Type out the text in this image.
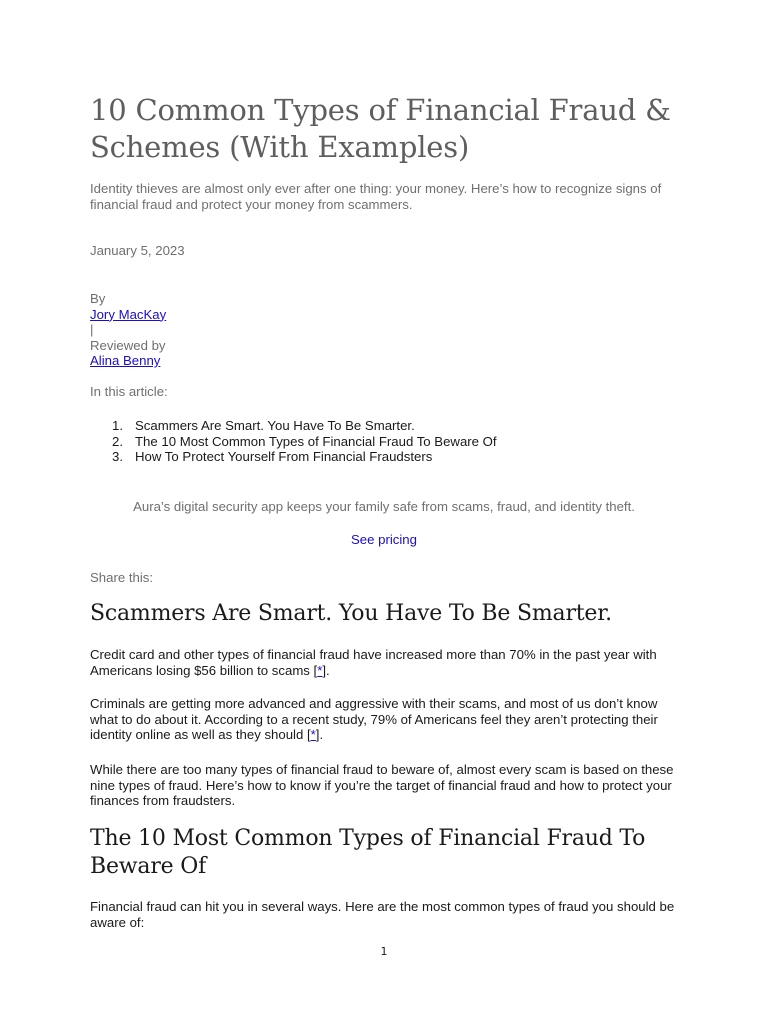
10 Common Types of Financial Fraud & Schemes (With Examples)

Identity thieves are almost only ever after one thing: your money. Here’s how to recognize signs of financial fraud and protect your money from scammers.

January 5, 2023

By
Jory MacKay
|
Reviewed by
Alina Benny

In this article:

1. Scammers Are Smart. You Have To Be Smarter.
2. The 10 Most Common Types of Financial Fraud To Beware Of
3. How To Protect Yourself From Financial Fraudsters

Aura’s digital security app keeps your family safe from scams, fraud, and identity theft.

See pricing

Share this:

Scammers Are Smart. You Have To Be Smarter.

Credit card and other types of financial fraud have increased more than 70% in the past year with Americans losing $56 billion to scams [*].

Criminals are getting more advanced and aggressive with their scams, and most of us don’t know what to do about it. According to a recent study, 79% of Americans feel they aren’t protecting their identity online as well as they should [*].

While there are too many types of financial fraud to beware of, almost every scam is based on these nine types of fraud. Here’s how to know if you’re the target of financial fraud and how to protect your finances from fraudsters.

The 10 Most Common Types of Financial Fraud To Beware Of

Financial fraud can hit you in several ways. Here are the most common types of fraud you should be aware of:

1
